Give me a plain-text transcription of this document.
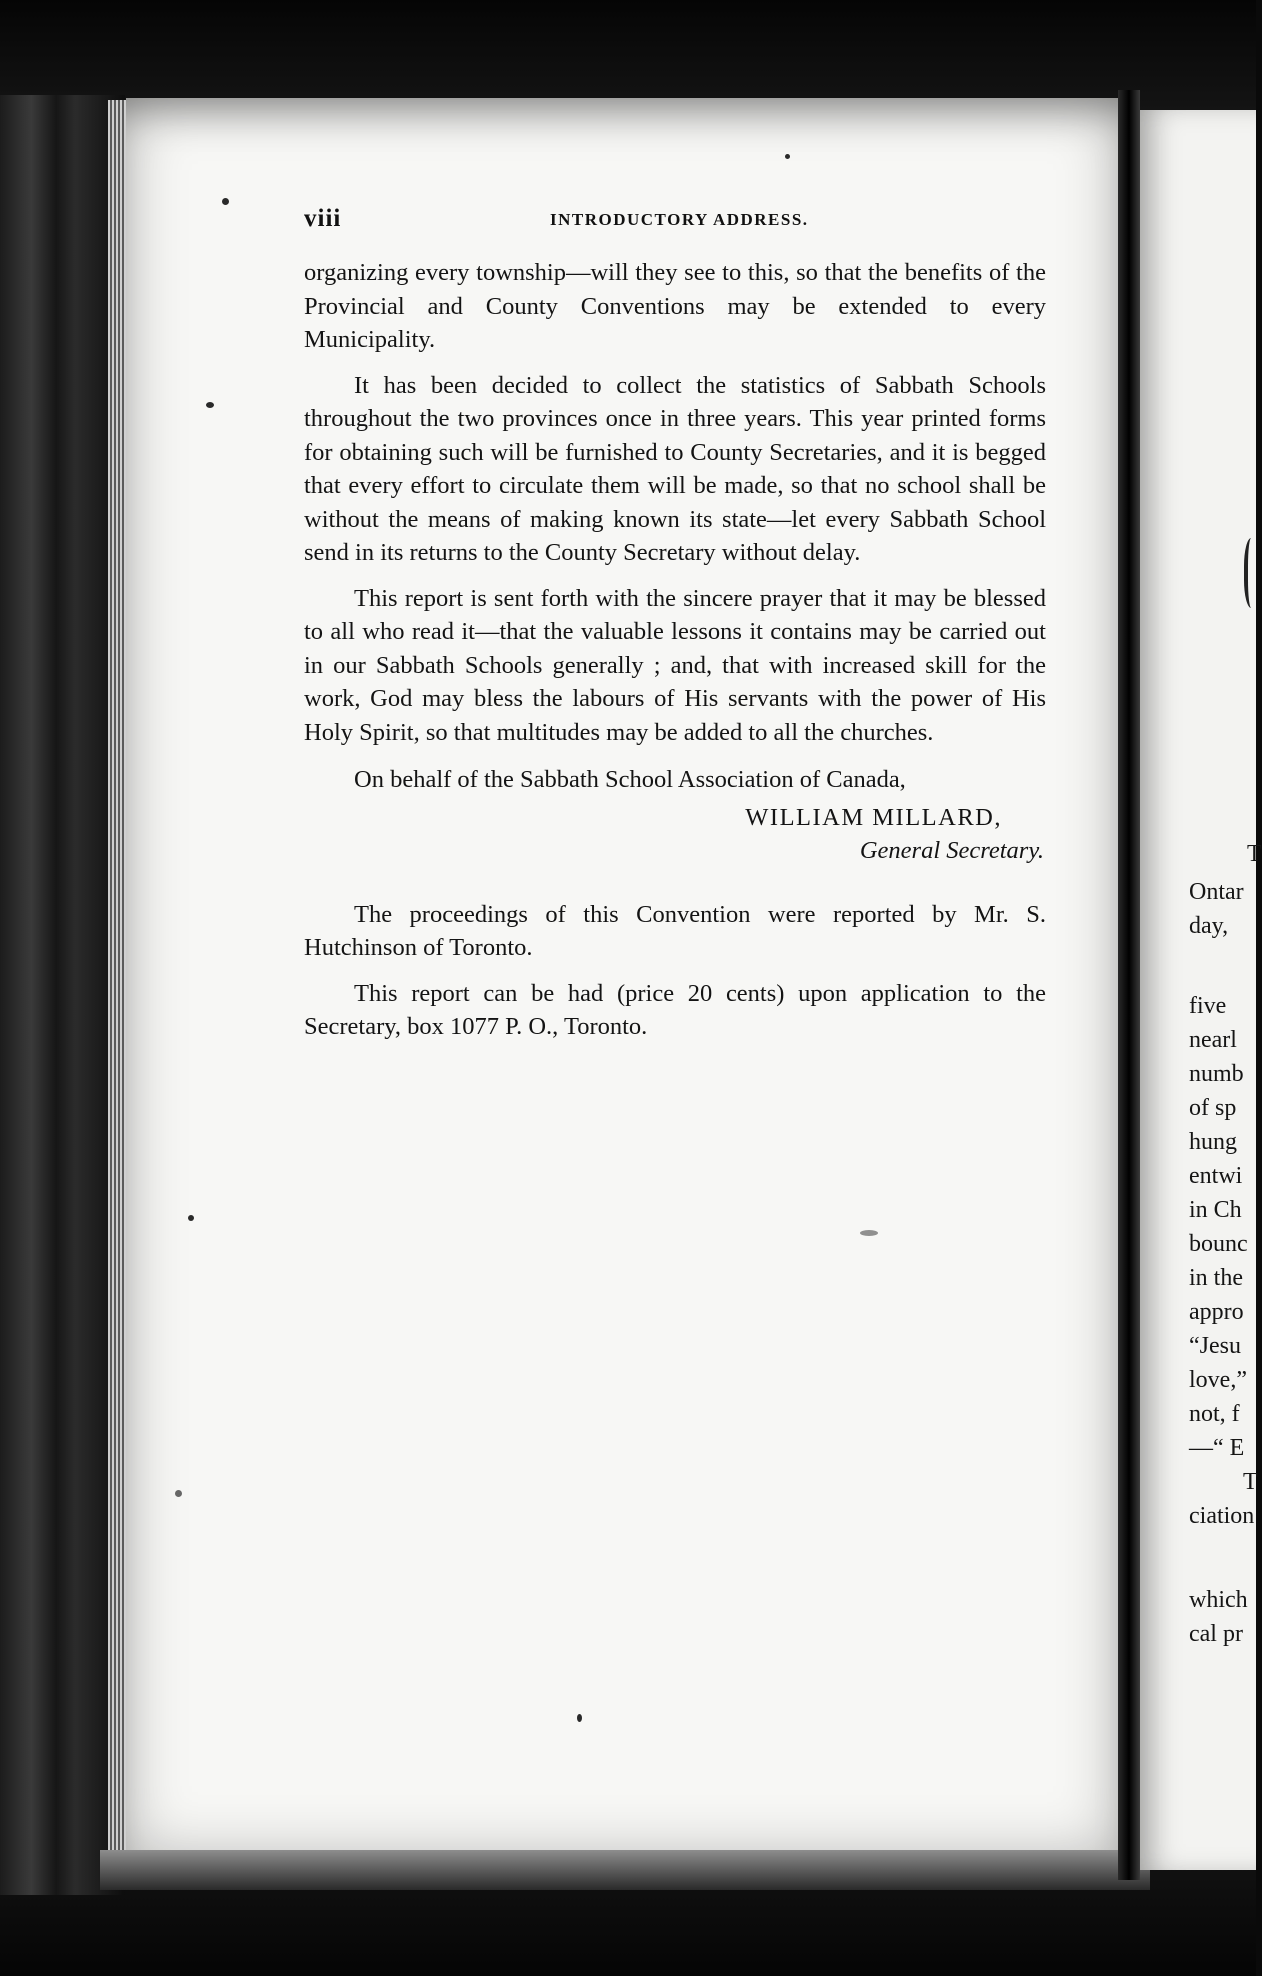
T
Ontar
day,
five
nearl
numb
of sp
hung
entwi
in Ch
bounc
in the
appro
“Jesu
love,”
not, f
—“ E
T
ciation
which
cal pr
viii	INTRODUCTORY ADDRESS.

organizing every township—will they see to this, so that the benefits of the Provincial and County Conventions may be extended to every Municipality.

It has been decided to collect the statistics of Sabbath Schools throughout the two provinces once in three years. This year printed forms for obtaining such will be furnished to County Secretaries, and it is begged that every effort to circulate them will be made, so that no school shall be without the means of making known its state—let every Sabbath School send in its returns to the County Secretary without delay.

This report is sent forth with the sincere prayer that it may be blessed to all who read it—that the valuable lessons it contains may be carried out in our Sabbath Schools generally ; and, that with increased skill for the work, God may bless the labours of His servants with the power of His Holy Spirit, so that multitudes may be added to all the churches.

On behalf of the Sabbath School Association of Canada,

WILLIAM MILLARD,
General Secretary.

The proceedings of this Convention were reported by Mr. S. Hutchinson of Toronto.

This report can be had (price 20 cents) upon application to the Secretary, box 1077 P. O., Toronto.
